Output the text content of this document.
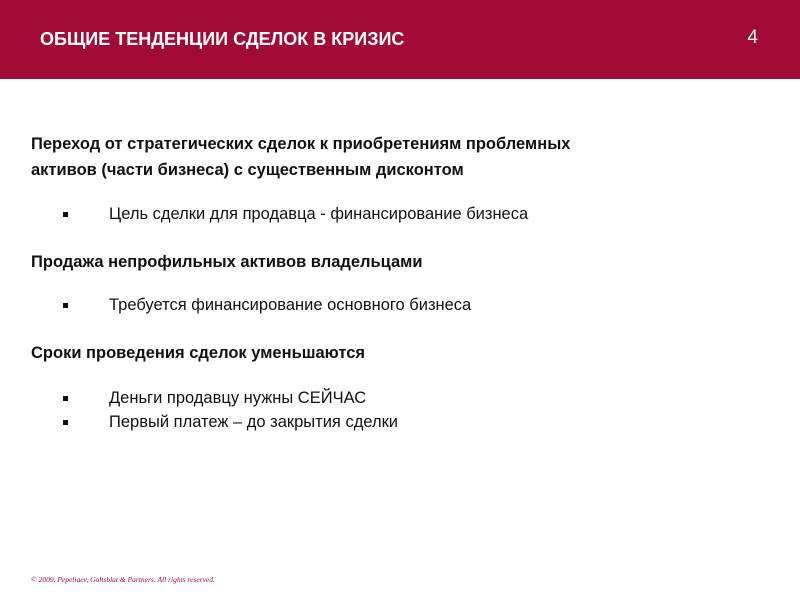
ОБЩИЕ ТЕНДЕНЦИИ СДЕЛОК В КРИЗИС	4

Переход от стратегических сделок к приобретениям проблемных
активов (части бизнеса) с существенным дисконтом

Цель сделки для продавца - финансирование бизнеса

Продажа непрофильных активов владельцами

Требуется финансирование основного бизнеса

Сроки проведения сделок уменьшаются

Деньги продавцу нужны СЕЙЧАС
Первый платеж – до закрытия сделки
© 2009. Pepeliaev, Goltsblat & Partners. All rights reserved.
